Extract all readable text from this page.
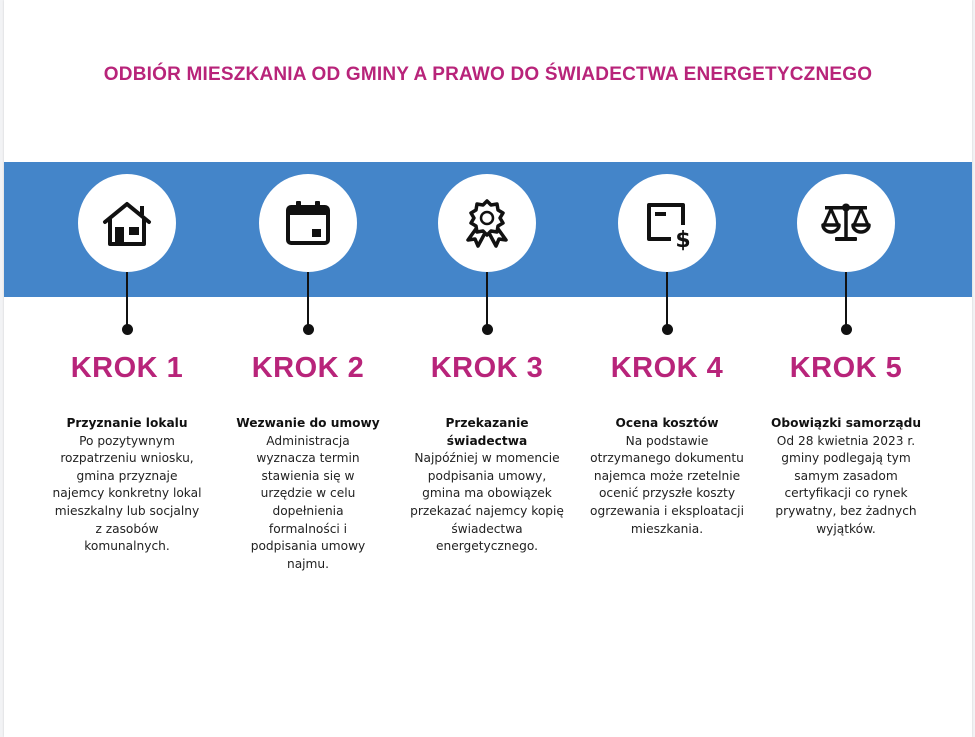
ODBIÓR MIESZKANIA OD GMINY A PRAWO DO ŚWIADECTWA ENERGETYCZNEGO
KROK 1
Przyznanie lokalu
Po pozytywnym rozpatrzeniu wniosku, gmina przyznaje najemcy konkretny lokal mieszkalny lub socjalny z zasobów komunalnych.
KROK 2
Wezwanie do umowy
Administracja wyznacza termin stawienia się w urzędzie w celu dopełnienia formalności i podpisania umowy najmu.
KROK 3
Przekazanie świadectwa
Najpóźniej w momencie podpisania umowy, gmina ma obowiązek przekazać najemcy kopię świadectwa energetycznego.
$
KROK 4
Ocena kosztów
Na podstawie otrzymanego dokumentu najemca może rzetelnie ocenić przyszłe koszty ogrzewania i eksploatacji mieszkania.
KROK 5
Obowiązki samorządu
Od 28 kwietnia 2023 r. gminy podlegają tym samym zasadom certyfikacji co rynek prywatny, bez żadnych wyjątków.
